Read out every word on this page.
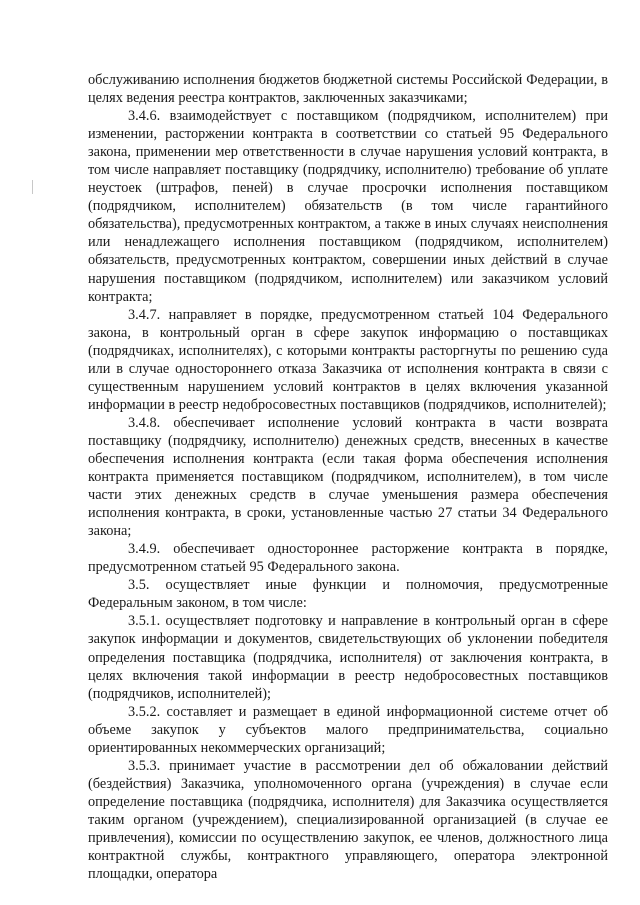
обслуживанию исполнения бюджетов бюджетной системы Российской Федерации, в целях ведения реестра контрактов, заключенных заказчиками;

3.4.6. взаимодействует с поставщиком (подрядчиком, исполнителем) при изменении, расторжении контракта в соответствии со статьей 95 Федерального закона, применении мер ответственности в случае нарушения условий контракта, в том числе направляет поставщику (подрядчику, исполнителю) требование об уплате неустоек (штрафов, пеней) в случае просрочки исполнения поставщиком (подрядчиком, исполнителем) обязательств (в том числе гарантийного обязательства), предусмотренных контрактом, а также в иных случаях неисполнения или ненадлежащего исполнения поставщиком (подрядчиком, исполнителем) обязательств, предусмотренных контрактом, совершении иных действий в случае нарушения поставщиком (подрядчиком, исполнителем) или заказчиком условий контракта;

3.4.7. направляет в порядке, предусмотренном статьей 104 Федерального закона, в контрольный орган в сфере закупок информацию о поставщиках (подрядчиках, исполнителях), с которыми контракты расторгнуты по решению суда или в случае одностороннего отказа Заказчика от исполнения контракта в связи с существенным нарушением условий контрактов в целях включения указанной информации в реестр недобросовестных поставщиков (подрядчиков, исполнителей);

3.4.8. обеспечивает исполнение условий контракта в части возврата поставщику (подрядчику, исполнителю) денежных средств, внесенных в качестве обеспечения исполнения контракта (если такая форма обеспечения исполнения контракта применяется поставщиком (подрядчиком, исполнителем), в том числе части этих денежных средств в случае уменьшения размера обеспечения исполнения контракта, в сроки, установленные частью 27 статьи 34 Федерального закона;

3.4.9. обеспечивает одностороннее расторжение контракта в порядке, предусмотренном статьей 95 Федерального закона.

3.5. осуществляет иные функции и полномочия, предусмотренные Федеральным законом, в том числе:

3.5.1. осуществляет подготовку и направление в контрольный орган в сфере закупок информации и документов, свидетельствующих об уклонении победителя определения поставщика (подрядчика, исполнителя) от заключения контракта, в целях включения такой информации в реестр недобросовестных поставщиков (подрядчиков, исполнителей);

3.5.2. составляет и размещает в единой информационной системе отчет об объеме закупок у субъектов малого предпринимательства, социально ориентированных некоммерческих организаций;

3.5.3. принимает участие в рассмотрении дел об обжаловании действий (бездействия) Заказчика, уполномоченного органа (учреждения) в случае если определение поставщика (подрядчика, исполнителя) для Заказчика осуществляется таким органом (учреждением), специализированной организацией (в случае ее привлечения), комиссии по осуществлению закупок, ее членов, должностного лица контрактной службы, контрактного управляющего, оператора электронной площадки, оператора
